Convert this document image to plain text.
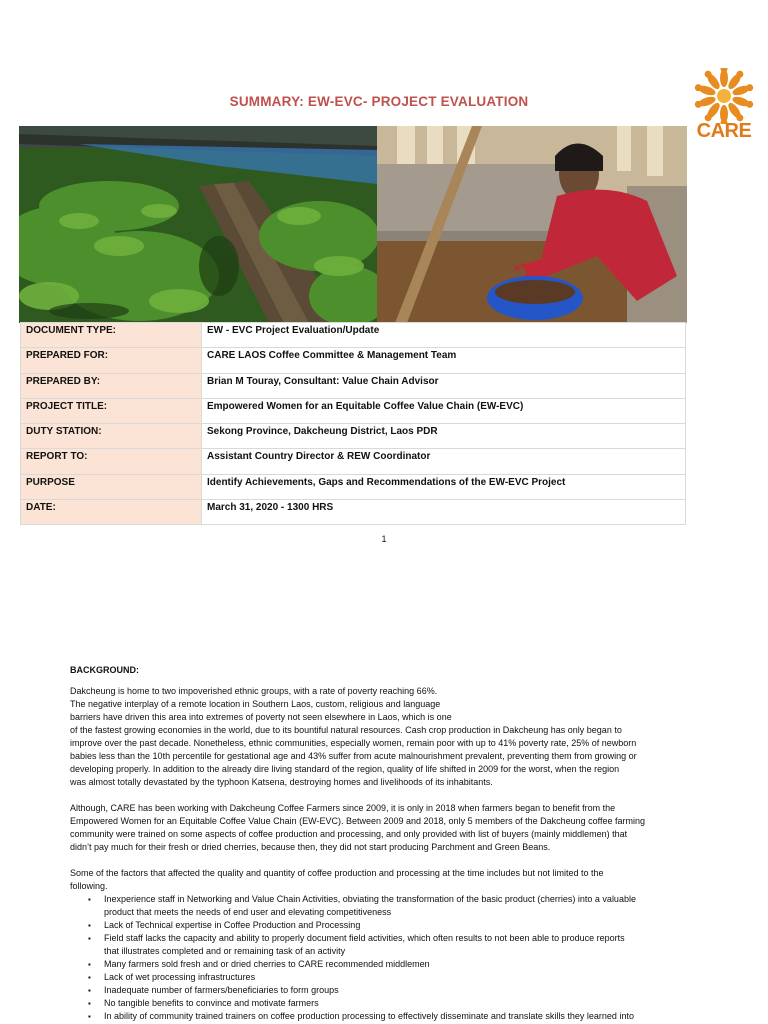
SUMMARY: EW-EVC- PROJECT EVALUATION
CARE
DOCUMENT TYPE:	EW - EVC Project Evaluation/Update
PREPARED FOR:	CARE LAOS Coffee Committee & Management Team
PREPARED BY:	Brian M Touray, Consultant: Value Chain Advisor
PROJECT TITLE:	Empowered Women for an Equitable Coffee Value Chain (EW-EVC)
DUTY STATION:	Sekong Province, Dakcheung District, Laos PDR
REPORT TO:	Assistant Country Director & REW Coordinator
PURPOSE	Identify Achievements, Gaps and Recommendations of the EW-EVC Project
DATE:	March 31, 2020 - 1300 HRS
1
BACKGROUND:

Dakcheung is home to two impoverished ethnic groups, with a rate of poverty reaching 66%.
The negative interplay of a remote location in Southern Laos, custom, religious and language
barriers have driven this area into extremes of poverty not seen elsewhere in Laos, which is one
of the fastest growing economies in the world, due to its bountiful natural resources. Cash crop production in Dakcheung has only began to
improve over the past decade. Nonetheless, ethnic communities, especially women, remain poor with up to 41% poverty rate, 25% of newborn
babies less than the 10th percentile for gestational age and 43% suffer from acute malnourishment prevalent, preventing them from growing or
developing properly. In addition to the already dire living standard of the region, quality of life shifted in 2009 for the worst, when the region
was almost totally devastated by the typhoon Katsena, destroying homes and livelihoods of its inhabitants.

Although, CARE has been working with Dakcheung Coffee Farmers since 2009, it is only in 2018 when farmers began to benefit from the
Empowered Women for an Equitable Coffee Value Chain (EW-EVC). Between 2009 and 2018, only 5 members of the Dakcheung coffee farming
community were trained on some aspects of coffee production and processing, and only provided with list of buyers (mainly middlemen) that
didn’t pay much for their fresh or dried cherries, because then, they did not start producing Parchment and Green Beans.

Some of the factors that affected the quality and quantity of coffee production and processing at the time includes but not limited to the
following.

▪ Inexperience staff in Networking and Value Chain Activities, obviating the transformation of the basic product (cherries) into a valuable
product that meets the needs of end user and elevating competitiveness
▪ Lack of Technical expertise in Coffee Production and Processing
▪ Field staff lacks the capacity and ability to properly document field activities, which often results to not been able to produce reports
that illustrates completed and or remaining task of an activity
▪ Many farmers sold fresh and or dried cherries to CARE recommended middlemen
▪ Lack of wet processing infrastructures
▪ Inadequate number of farmers/beneficiaries to form groups
▪ No tangible benefits to convince and motivate farmers
▪ In ability of community trained trainers on coffee production processing to effectively disseminate and translate skills they learned into
